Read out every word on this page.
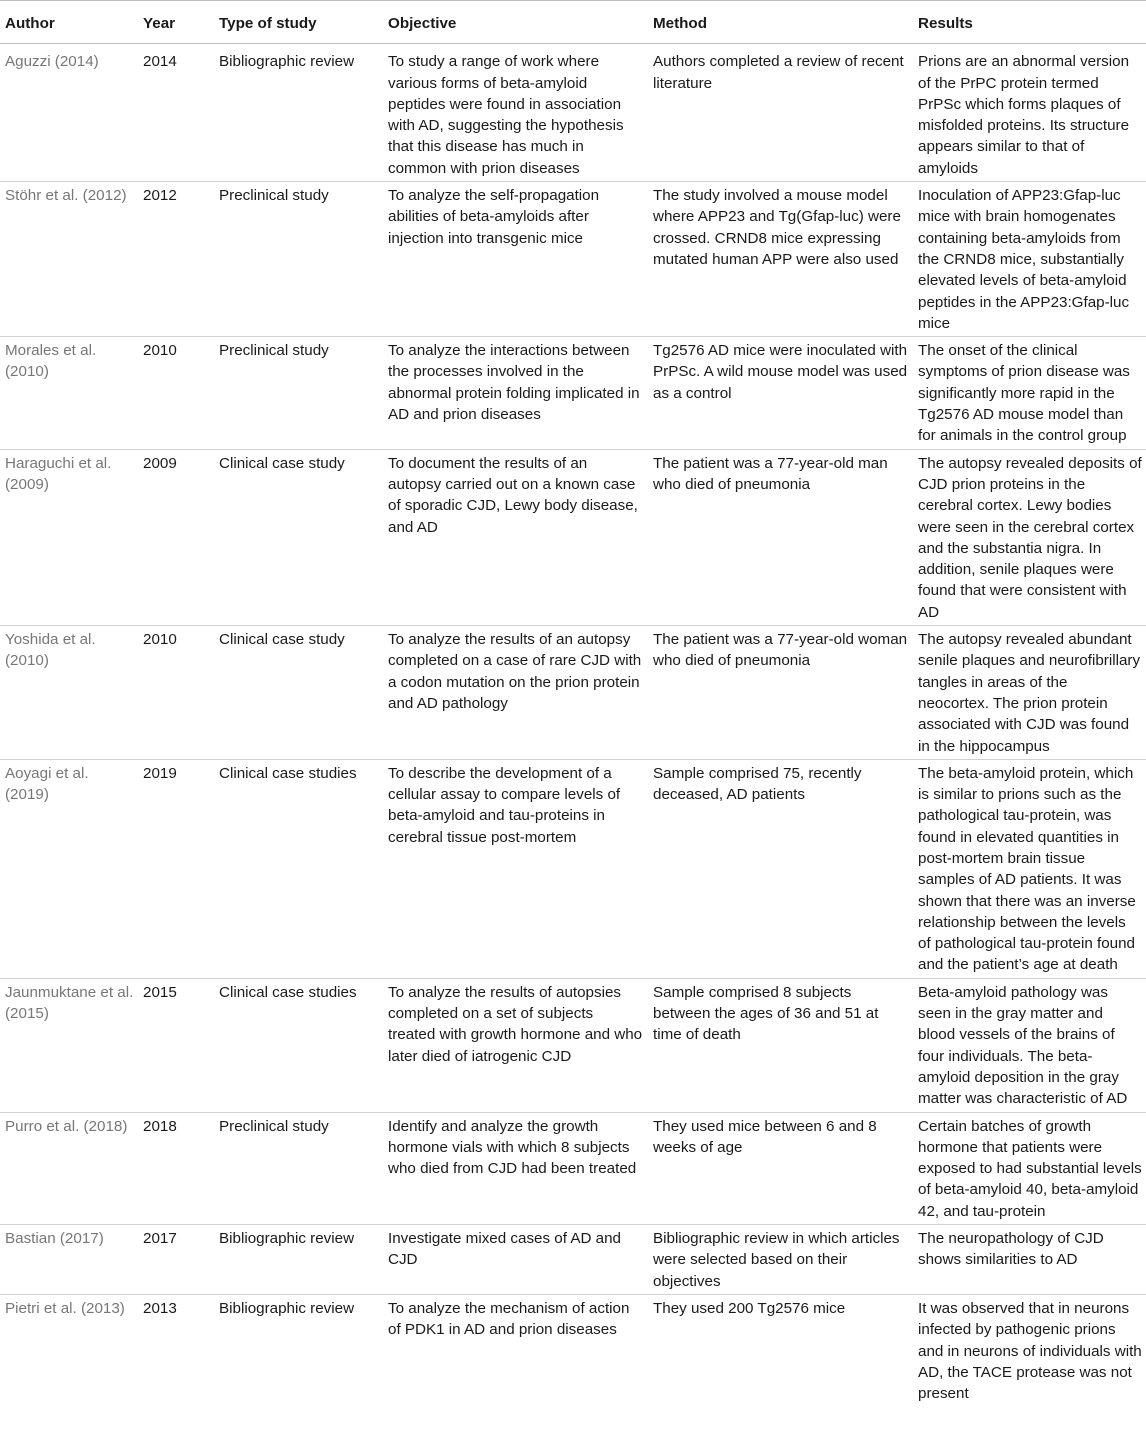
Author	Year	Type of study	Objective	Method	Results
Aguzzi (2014)	2014	Bibliographic review	To study a range of work where various forms of beta-amyloid peptides were found in association with AD, suggesting the hypothesis that this disease has much in common with prion diseases	Authors completed a review of recent literature	Prions are an abnormal version of the PrPC protein termed PrPSc which forms plaques of misfolded proteins. Its structure appears similar to that of amyloids
Stöhr et al. (2012)	2012	Preclinical study	To analyze the self-propagation abilities of beta-amyloids after injection into transgenic mice	The study involved a mouse model where APP23 and Tg(Gfap-luc) were crossed. CRND8 mice expressing mutated human APP were also used	Inoculation of APP23:Gfap-luc mice with brain homogenates containing beta-amyloids from the CRND8 mice, substantially elevated levels of beta-amyloid peptides in the APP23:Gfap-luc mice
Morales et al. (2010)	2010	Preclinical study	To analyze the interactions between the processes involved in the abnormal protein folding implicated in AD and prion diseases	Tg2576 AD mice were inoculated with PrPSc. A wild mouse model was used as a control	The onset of the clinical symptoms of prion disease was significantly more rapid in the Tg2576 AD mouse model than for animals in the control group
Haraguchi et al. (2009)	2009	Clinical case study	To document the results of an autopsy carried out on a known case of sporadic CJD, Lewy body disease, and AD	The patient was a 77-year-old man who died of pneumonia	The autopsy revealed deposits of CJD prion proteins in the cerebral cortex. Lewy bodies were seen in the cerebral cortex and the substantia nigra. In addition, senile plaques were found that were consistent with AD
Yoshida et al. (2010)	2010	Clinical case study	To analyze the results of an autopsy completed on a case of rare CJD with a codon mutation on the prion protein and AD pathology	The patient was a 77-year-old woman who died of pneumonia	The autopsy revealed abundant senile plaques and neurofibrillary tangles in areas of the neocortex. The prion protein associated with CJD was found in the hippocampus
Aoyagi et al. (2019)	2019	Clinical case studies	To describe the development of a cellular assay to compare levels of beta-amyloid and tau-proteins in cerebral tissue post-mortem	Sample comprised 75, recently deceased, AD patients	The beta-amyloid protein, which is similar to prions such as the pathological tau-protein, was found in elevated quantities in post-mortem brain tissue samples of AD patients. It was shown that there was an inverse relationship between the levels of pathological tau-protein found and the patient’s age at death
Jaunmuktane et al. (2015)	2015	Clinical case studies	To analyze the results of autopsies completed on a set of subjects treated with growth hormone and who later died of iatrogenic CJD	Sample comprised 8 subjects between the ages of 36 and 51 at time of death	Beta-amyloid pathology was seen in the gray matter and blood vessels of the brains of four individuals. The beta-amyloid deposition in the gray matter was characteristic of AD
Purro et al. (2018)	2018	Preclinical study	Identify and analyze the growth hormone vials with which 8 subjects who died from CJD had been treated	They used mice between 6 and 8 weeks of age	Certain batches of growth hormone that patients were exposed to had substantial levels of beta-amyloid 40, beta-amyloid 42, and tau-protein
Bastian (2017)	2017	Bibliographic review	Investigate mixed cases of AD and CJD	Bibliographic review in which articles were selected based on their objectives	The neuropathology of CJD shows similarities to AD
Pietri et al. (2013)	2013	Bibliographic review	To analyze the mechanism of action of PDK1 in AD and prion diseases	They used 200 Tg2576 mice	It was observed that in neurons infected by pathogenic prions and in neurons of individuals with AD, the TACE protease was not present
